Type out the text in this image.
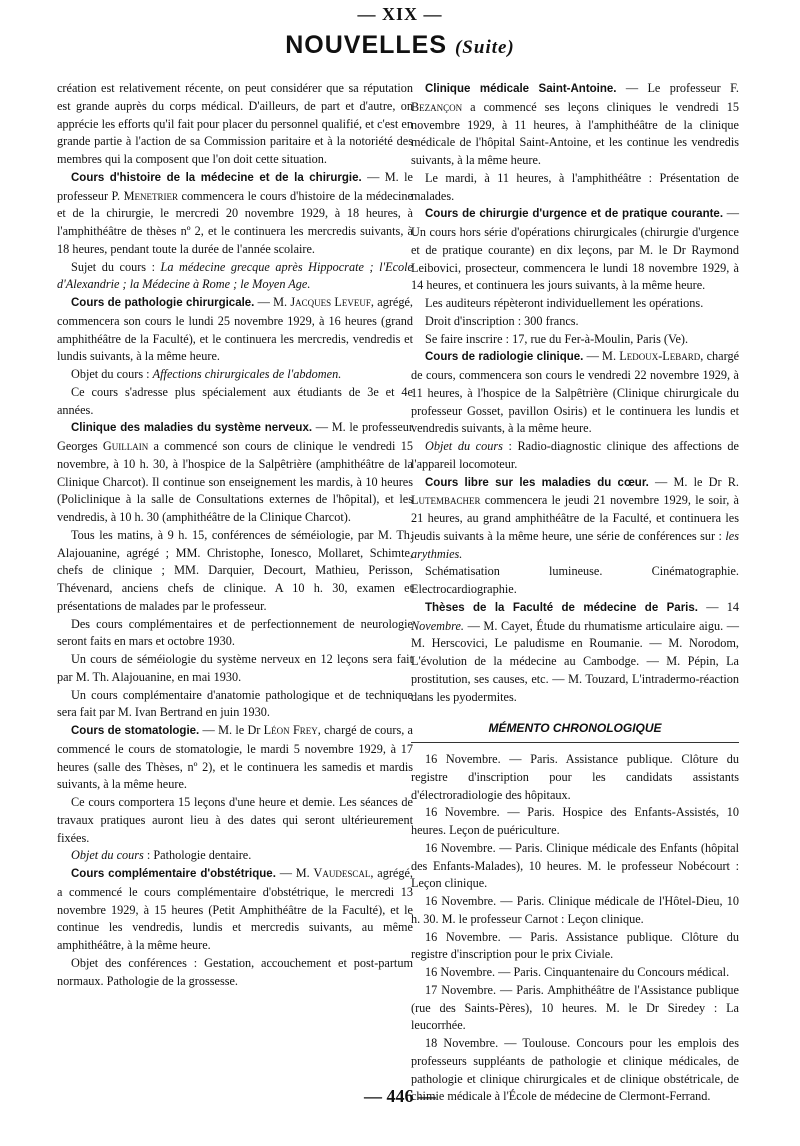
— XIX —
NOUVELLES (Suite)

création est relativement récente, on peut considérer que sa réputation est grande auprès du corps médical. D'ailleurs, de part et d'autre, on apprécie les efforts qu'il fait pour placer du personnel qualifié, et c'est en grande partie à l'action de sa Commission paritaire et à la notoriété des membres qui la composent que l'on doit cette situation.

Cours d'histoire de la médecine et de la chirurgie. — M. le professeur P. Menetrier commencera le cours d'histoire de la médecine et de la chirurgie, le mercredi 20 novembre 1929, à 18 heures, à l'amphithéâtre de thèses nº 2, et le continuera les mercredis suivants, à 18 heures, pendant toute la durée de l'année scolaire.

Sujet du cours : La médecine grecque après Hippocrate ; l'Ecole d'Alexandrie ; la Médecine à Rome ; le Moyen Age.

Cours de pathologie chirurgicale. — M. Jacques Leveuf, agrégé, commencera son cours le lundi 25 novembre 1929, à 16 heures (grand amphithéâtre de la Faculté), et le continuera les mercredis, vendredis et lundis suivants, à la même heure.

Objet du cours : Affections chirurgicales de l'abdomen.

Ce cours s'adresse plus spécialement aux étudiants de 3e et 4e années.

Clinique des maladies du système nerveux. — M. le professeur Georges Guillain a commencé son cours de clinique le vendredi 15 novembre, à 10 h. 30, à l'hospice de la Salpêtrière (amphithéâtre de la Clinique Charcot). Il continue son enseignement les mardis, à 10 heures (Policlinique à la salle de Consultations externes de l'hôpital), et les vendredis, à 10 h. 30 (amphithéâtre de la Clinique Charcot).

Tous les matins, à 9 h. 15, conférences de séméiologie, par M. Th. Alajouanine, agrégé ; MM. Christophe, Ionesco, Mollaret, Schimte, chefs de clinique ; MM. Darquier, Decourt, Mathieu, Perisson, Thévenard, anciens chefs de clinique. A 10 h. 30, examen et présentations de malades par le professeur.

Des cours complémentaires et de perfectionnement de neurologie seront faits en mars et octobre 1930.

Un cours de séméiologie du système nerveux en 12 leçons sera fait par M. Th. Alajouanine, en mai 1930.

Un cours complémentaire d'anatomie pathologique et de technique sera fait par M. Ivan Bertrand en juin 1930.

Cours de stomatologie. — M. le Dr Léon Frey, chargé de cours, a commencé le cours de stomatologie, le mardi 5 novembre 1929, à 17 heures (salle des Thèses, nº 2), et le continuera les samedis et mardis suivants, à la même heure.

Ce cours comportera 15 leçons d'une heure et demie. Les séances de travaux pratiques auront lieu à des dates qui seront ultérieurement fixées.

Objet du cours : Pathologie dentaire.

Cours complémentaire d'obstétrique. — M. Vaudescal, agrégé, a commencé le cours complémentaire d'obstétrique, le mercredi 13 novembre 1929, à 15 heures (Petit Amphithéâtre de la Faculté), et le continue les vendredis, lundis et mercredis suivants, au même amphithéâtre, à la même heure.

Objet des conférences : Gestation, accouchement et post-partum normaux. Pathologie de la grossesse.

Clinique médicale Saint-Antoine. — Le professeur F. Bezançon a commencé ses leçons cliniques le vendredi 15 novembre 1929, à 11 heures, à l'amphithéâtre de la clinique médicale de l'hôpital Saint-Antoine, et les continue les vendredis suivants, à la même heure.

Le mardi, à 11 heures, à l'amphithéâtre : Présentation de malades.

Cours de chirurgie d'urgence et de pratique courante. — Un cours hors série d'opérations chirurgicales (chirurgie d'urgence et de pratique courante) en dix leçons, par M. le Dr Raymond Leibovici, prosecteur, commencera le lundi 18 novembre 1929, à 14 heures, et continuera les jours suivants, à la même heure.

Les auditeurs répèteront individuellement les opérations.

Droit d'inscription : 300 francs.

Se faire inscrire : 17, rue du Fer-à-Moulin, Paris (Ve).

Cours de radiologie clinique. — M. Ledoux-Lebard, chargé de cours, commencera son cours le vendredi 22 novembre 1929, à 11 heures, à l'hospice de la Salpêtrière (Clinique chirurgicale du professeur Gosset, pavillon Osiris) et le continuera les lundis et vendredis suivants, à la même heure.

Objet du cours : Radio-diagnostic clinique des affections de l'appareil locomoteur.

Cours libre sur les maladies du cœur. — M. le Dr R. Lutembacher commencera le jeudi 21 novembre 1929, le soir, à 21 heures, au grand amphithéâtre de la Faculté, et continuera les jeudis suivants à la même heure, une série de conférences sur : les arythmies.

Schématisation lumineuse. Cinématographie. Electrocardiographie.

Thèses de la Faculté de médecine de Paris. — 14 Novembre. — M. Cayet, Étude du rhumatisme articulaire aigu. — M. Herscovici, Le paludisme en Roumanie. — M. Norodom, L'évolution de la médecine au Cambodge. — M. Pépin, La prostitution, ses causes, etc. — M. Touzard, L'intradermo-réaction dans les pyodermites.

MÉMENTO CHRONOLOGIQUE

16 Novembre. — Paris. Assistance publique. Clôture du registre d'inscription pour les candidats assistants d'électroradiologie des hôpitaux.

16 Novembre. — Paris. Hospice des Enfants-Assistés, 10 heures. Leçon de puériculture.

16 Novembre. — Paris. Clinique médicale des Enfants (hôpital des Enfants-Malades), 10 heures. M. le professeur Nobécourt : Leçon clinique.

16 Novembre. — Paris. Clinique médicale de l'Hôtel-Dieu, 10 h. 30. M. le professeur Carnot : Leçon clinique.

16 Novembre. — Paris. Assistance publique. Clôture du registre d'inscription pour le prix Civiale.

16 Novembre. — Paris. Cinquantenaire du Concours médical.

17 Novembre. — Paris. Amphithéâtre de l'Assistance publique (rue des Saints-Pères), 10 heures. M. le Dr Siredey : La leucorrhée.

18 Novembre. — Toulouse. Concours pour les emplois des professeurs suppléants de pathologie et clinique médicales, de pathologie et clinique chirurgicales et de clinique obstétricale, de chimie médicale à l'École de médecine de Clermont-Ferrand.

— 446 —
